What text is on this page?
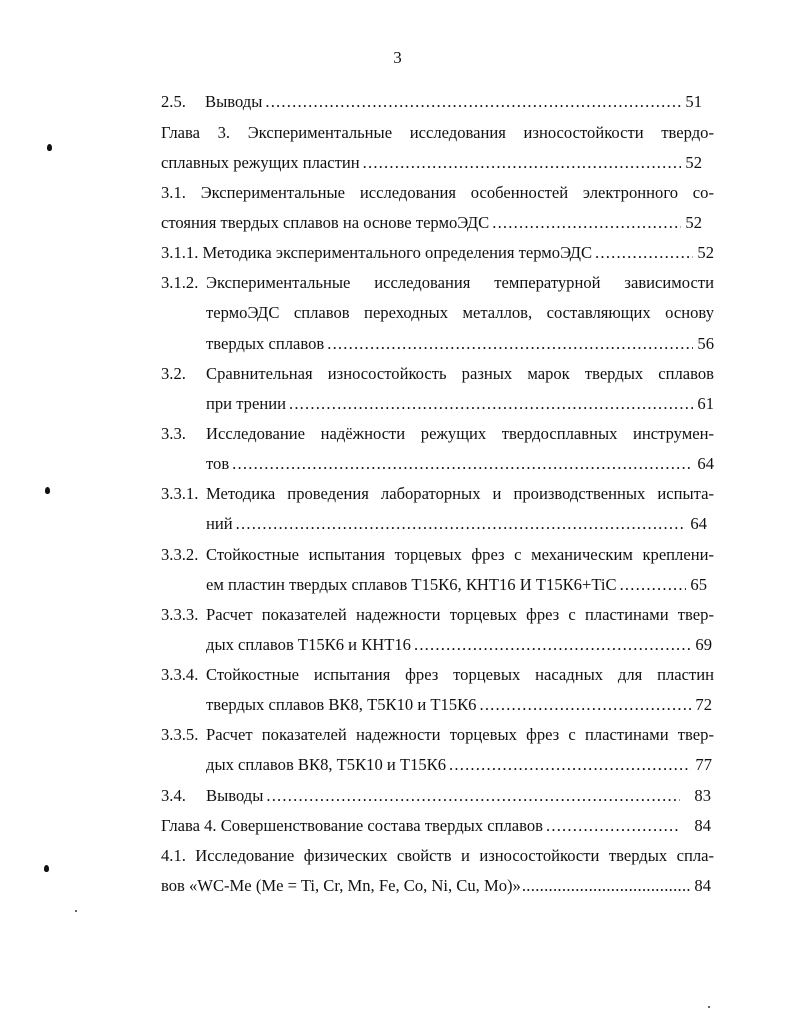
3
2.5. Выводы .....	51
Глава 3. Экспериментальные исследования износостойкости твердо-
сплавных режущих пластин .....	52
3.1. Экспериментальные исследования особенностей электронного со-
стояния твердых сплавов на основе термоЭДС .....	52
3.1.1. Методика экспериментального определения термоЭДС .....	52
3.1.2. Экспериментальные исследования температурной зависимости
термоЭДС сплавов переходных металлов, составляющих основу
твердых сплавов .....	56
3.2. Сравнительная износостойкость разных марок твердых сплавов
при трении .....	61
3.3. Исследование надёжности режущих твердосплавных инструмен-
тов .....	64
3.3.1. Методика проведения лабораторных и производственных испыта-
ний .....	64
3.3.2. Стойкостные испытания торцевых фрез с механическим креплени-
ем пластин твердых сплавов Т15К6, КНТ16 И Т15К6+TiC .....	65
3.3.3. Расчет показателей надежности торцевых фрез с пластинами твер-
дых сплавов Т15К6 и КНТ16 .....	69
3.3.4. Стойкостные испытания фрез торцевых насадных для пластин
твердых сплавов ВК8, Т5К10 и Т15К6 .....	72
3.3.5. Расчет показателей надежности торцевых фрез с пластинами твер-
дых сплавов ВК8, Т5К10 и Т15К6 .....	77
3.4. Выводы .....	83
Глава 4. Совершенствование состава твердых сплавов .....	84
4.1. Исследование физических свойств и износостойкости твердых спла-
вов «WC-Me (Me = Ti, Cr, Mn, Fe, Co, Ni, Cu, Mo)» .....	84
